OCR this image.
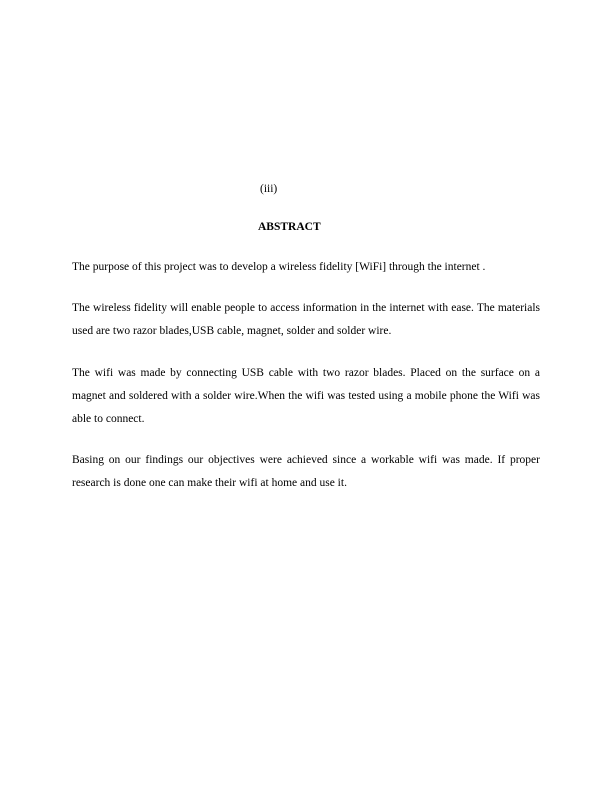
(iii)
ABSTRACT

The purpose of this project was to develop a wireless fidelity [WiFi] through the internet .

The wireless fidelity will enable people to access information in the internet with ease. The materials used are two razor blades,USB cable, magnet, solder and solder wire.

The wifi was made by connecting USB cable with two razor blades. Placed on the surface on a magnet and soldered with a solder wire.When the wifi was tested using a mobile phone the Wifi was able to connect.

Basing on our findings our objectives were achieved since a workable wifi was made. If proper research is done one can make their wifi at home and use it.
